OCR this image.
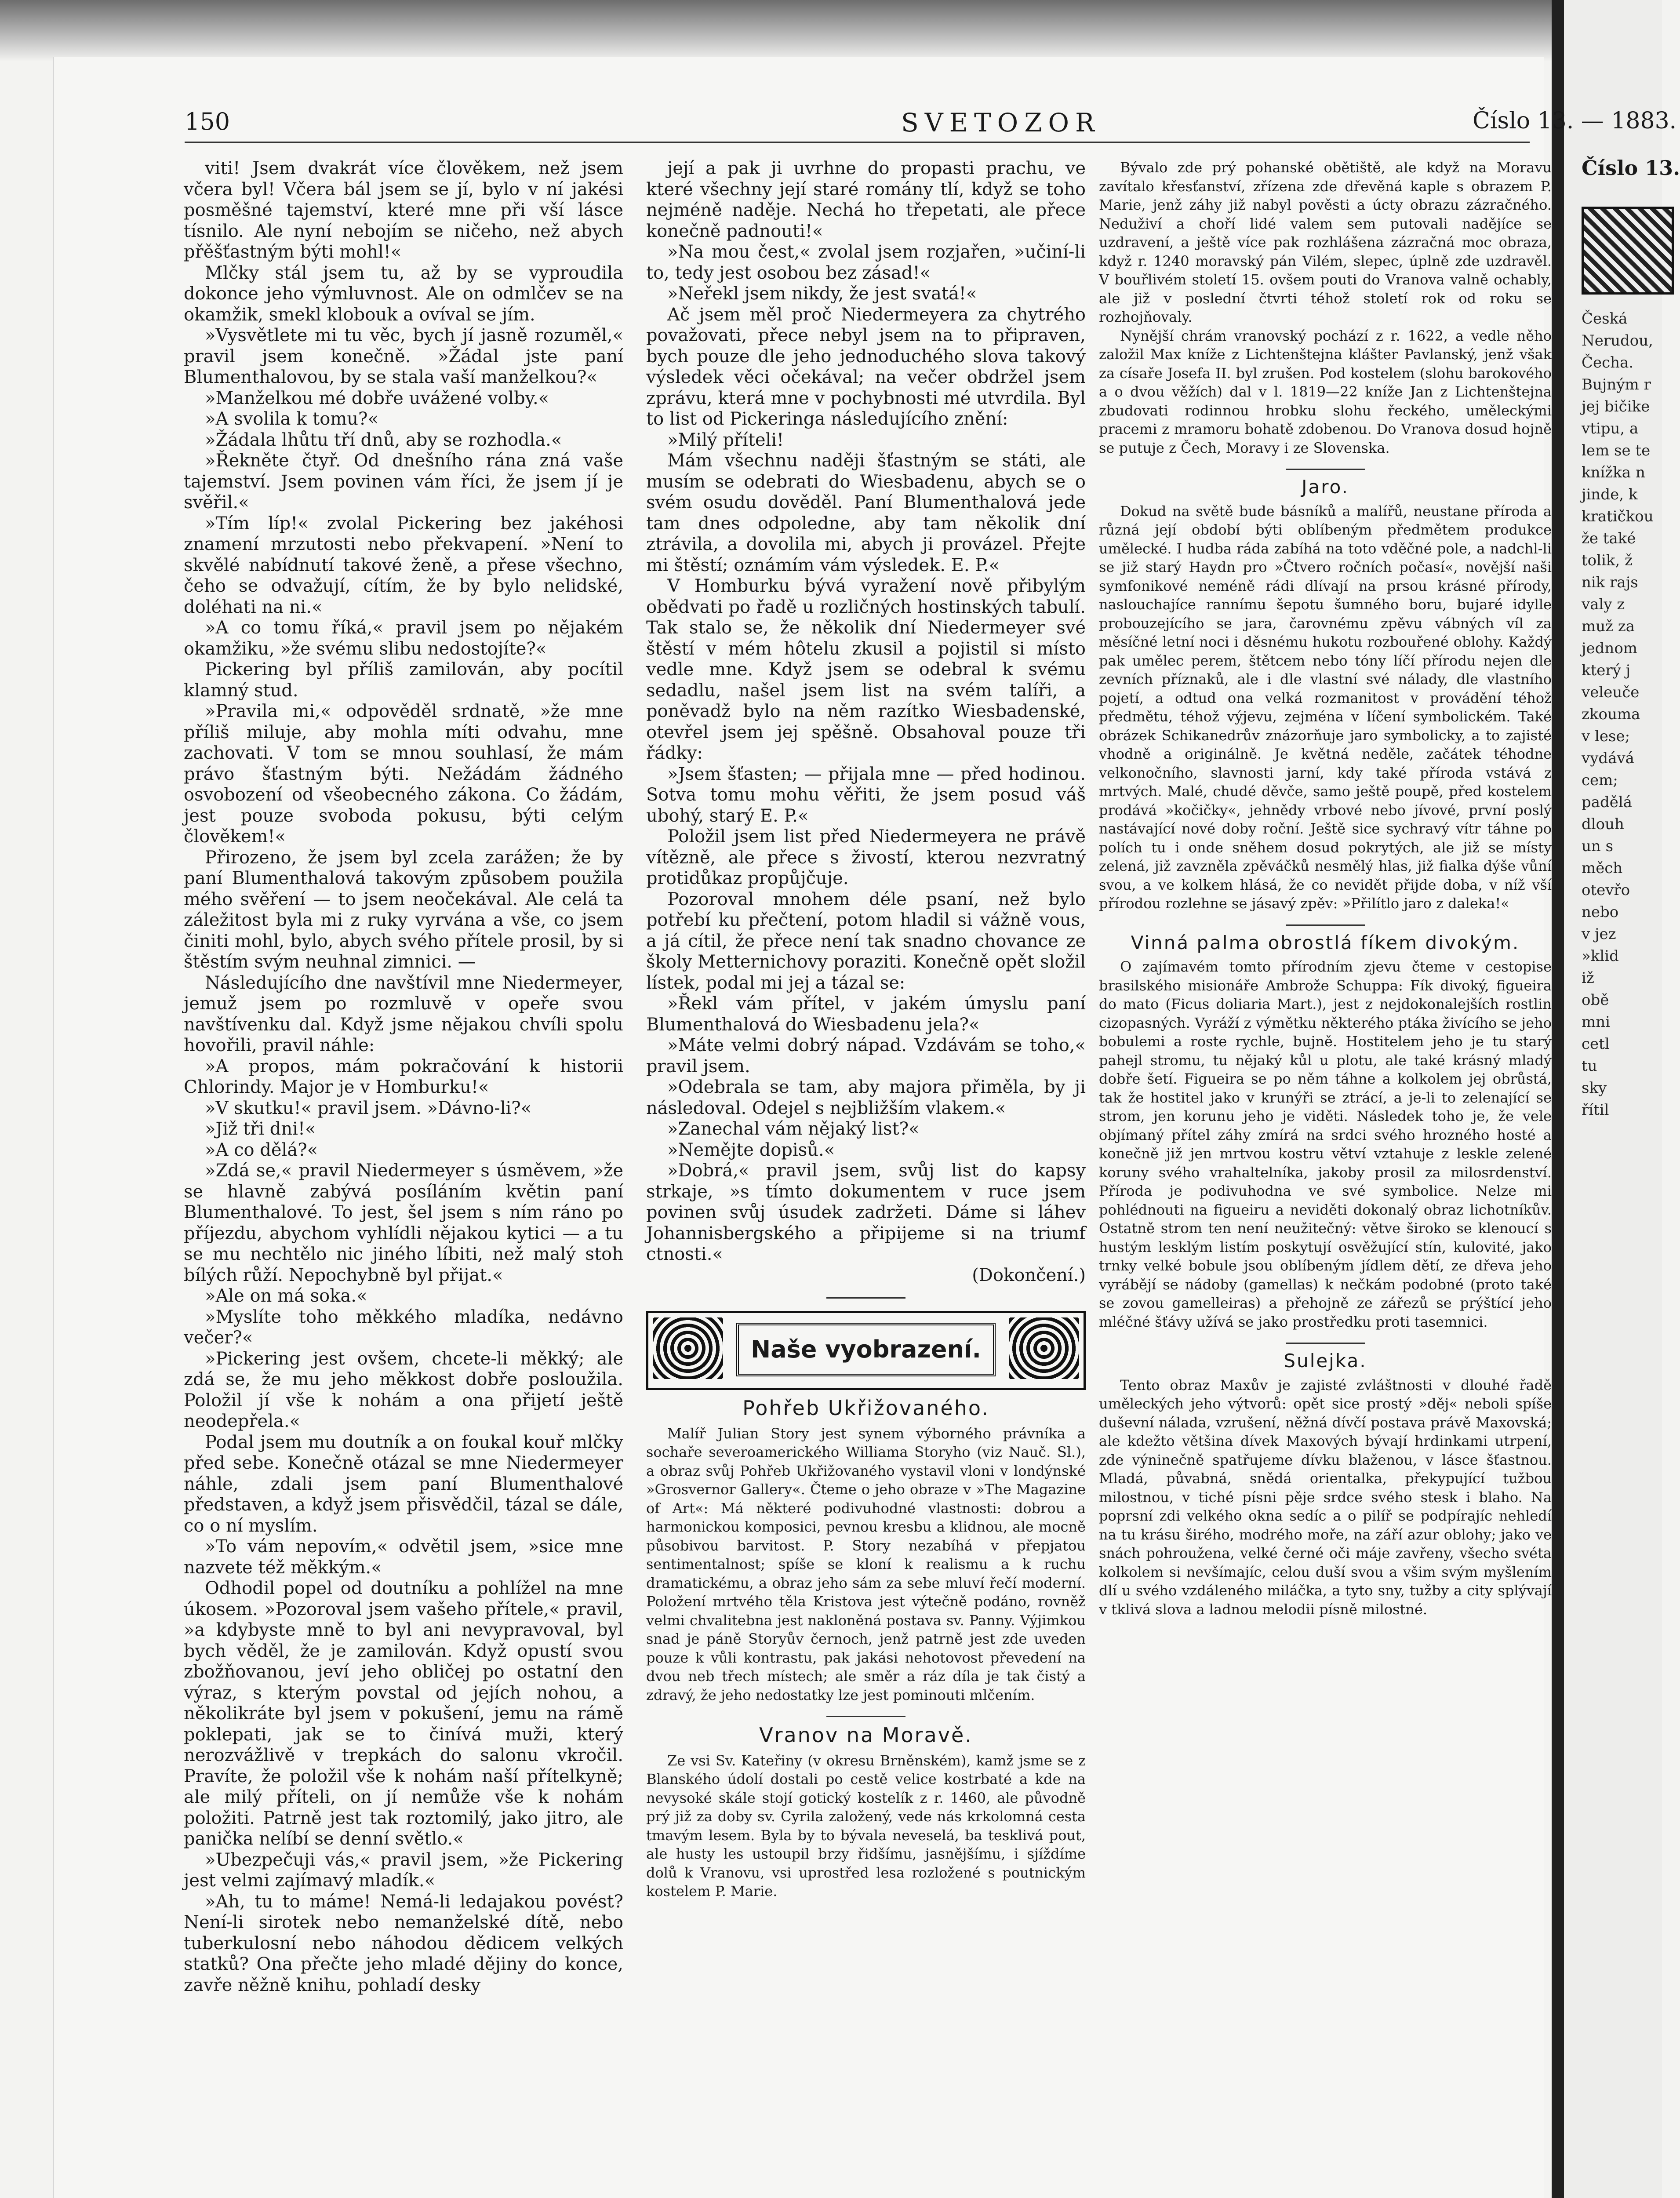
Číslo 13.
Česká
Nerudou,
Čecha.
Bujným r
jej bičike
vtipu, a
lem se te
knížka n
jinde, k
kratičkou
že také
tolik, ž
nik rajs
valy z
muž za
jednom
který j
veleuče
zkouma
v lese;
vydává
cem;
padělá
dlouh
un s
měch
otevřo
nebo
v jez
»klid
iž
obě
mni
cetl
tu
sky
řítil
150	SVETOZOR	Číslo 13. — 1883.

viti! Jsem dvakrát více člověkem, než jsem včera byl! Včera bál jsem se jí, bylo v ní jakési posměšné tajemství, které mne při vší lásce tísnilo. Ale nyní nebojím se ničeho, než abych přěšťastným býti mohl!«

Mlčky stál jsem tu, až by se vyproudila dokonce jeho výmluvnost. Ale on odmlčev se na okamžik, smekl klobouk a ovíval se jím.

»Vysvětlete mi tu věc, bych jí jasně rozuměl,« pravil jsem konečně. »Žádal jste paní Blumenthalovou, by se stala vaší manželkou?«

»Manželkou mé dobře uvážené volby.«

»A svolila k tomu?«

»Žádala lhůtu tří dnů, aby se rozhodla.«

»Řekněte čtyř. Od dnešního rána zná vaše tajemství. Jsem povinen vám říci, že jsem jí je svěřil.«

»Tím líp!« zvolal Pickering bez jakéhosi znamení mrzutosti nebo překvapení. »Není to skvělé nabídnutí takové ženě, a přese všechno, čeho se odvažují, cítím, že by bylo nelidské, doléhati na ni.«

»A co tomu říká,« pravil jsem po nějakém okamžiku, »že svému slibu nedostojíte?«

Pickering byl příliš zamilován, aby pocítil klamný stud.

»Pravila mi,« odpověděl srdnatě, »že mne příliš miluje, aby mohla míti odvahu, mne zachovati. V tom se mnou souhlasí, že mám právo šťastným býti. Nežádám žádného osvobození od všeobecného zákona. Co žádám, jest pouze svoboda pokusu, býti celým člověkem!«

Přirozeno, že jsem byl zcela zarážen; že by paní Blumenthalová takovým způsobem použila mého svěření — to jsem neočekával. Ale celá ta záležitost byla mi z ruky vyrvána a vše, co jsem činiti mohl, bylo, abych svého přítele prosil, by si štěstím svým neuhnal zimnici. —

Následujícího dne navštívil mne Niedermeyer, jemuž jsem po rozmluvě v opeře svou navštívenku dal. Když jsme nějakou chvíli spolu hovořili, pravil náhle:

»A propos, mám pokračování k historii Chlorindy. Major je v Homburku!«

»V skutku!« pravil jsem. »Dávno-li?«

»Již tři dni!«

»A co dělá?«

»Zdá se,« pravil Niedermeyer s úsměvem, »že se hlavně zabývá posíláním květin paní Blumenthalové. To jest, šel jsem s ním ráno po příjezdu, abychom vyhlídli nějakou kytici — a tu se mu nechtělo nic jiného líbiti, než malý stoh bílých růží. Nepochybně byl přijat.«

»Ale on má soka.«

»Myslíte toho měkkého mladíka, nedávno večer?«

»Pickering jest ovšem, chcete-li měkký; ale zdá se, že mu jeho měkkost dobře posloužila. Položil jí vše k nohám a ona přijetí ještě neodepřela.«

Podal jsem mu doutník a on foukal kouř mlčky před sebe. Konečně otázal se mne Niedermeyer náhle, zdali jsem paní Blumenthalové představen, a když jsem přisvědčil, tázal se dále, co o ní myslím.

»To vám nepovím,« odvětil jsem, »sice mne nazvete též měkkým.«

Odhodil popel od doutníku a pohlížel na mne úkosem. »Pozoroval jsem vašeho přítele,« pravil, »a kdybyste mně to byl ani nevypravoval, byl bych věděl, že je zamilován. Když opustí svou zbožňovanou, jeví jeho obličej po ostatní den výraz, s kterým povstal od jejích nohou, a několikráte byl jsem v pokušení, jemu na rámě poklepati, jak se to činívá muži, který nerozvážlivě v trepkách do salonu vkročil. Pravíte, že položil vše k nohám naší přítelkyně; ale milý příteli, on jí nemůže vše k nohám položiti. Patrně jest tak roztomilý, jako jitro, ale panička nelíbí se denní světlo.«

»Ubezpečuji vás,« pravil jsem, »že Pickering jest velmi zajímavý mladík.«

»Ah, tu to máme! Nemá-li ledajakou povést? Není-li sirotek nebo nemanželské dítě, nebo tuberkulosní nebo náhodou dědicem velkých statků? Ona přečte jeho mladé dějiny do konce, zavře něžně knihu, pohladí desky

její a pak ji uvrhne do propasti prachu, ve které všechny její staré romány tlí, když se toho nejméně naděje. Nechá ho třepetati, ale přece konečně padnouti!«

»Na mou čest,« zvolal jsem rozjařen, »učiní-li to, tedy jest osobou bez zásad!«

»Neřekl jsem nikdy, že jest svatá!«

Ač jsem měl proč Niedermeyera za chytrého považovati, přece nebyl jsem na to připraven, bych pouze dle jeho jednoduchého slova takový výsledek věci očekával; na večer obdržel jsem zprávu, která mne v pochybnosti mé utvrdila. Byl to list od Pickeringa následujícího znění:

»Milý příteli!

Mám všechnu naději šťastným se státi, ale musím se odebrati do Wiesbadenu, abych se o svém osudu dověděl. Paní Blumenthalová jede tam dnes odpoledne, aby tam několik dní ztrávila, a dovolila mi, abych ji provázel. Přejte mi štěstí; oznámím vám výsledek. E. P.«

V Homburku bývá vyražení nově přibylým obědvati po řadě u rozličných hostinských tabulí. Tak stalo se, že několik dní Niedermeyer své štěstí v mém hôtelu zkusil a pojistil si místo vedle mne. Když jsem se odebral k svému sedadlu, našel jsem list na svém talíři, a poněvadž bylo na něm razítko Wiesbadenské, otevřel jsem jej spěšně. Obsahoval pouze tři řádky:

»Jsem šťasten; — přijala mne — před hodinou. Sotva tomu mohu věřiti, že jsem posud váš ubohý, starý E. P.«

Položil jsem list před Niedermeyera ne právě vítězně, ale přece s živostí, kterou nezvratný protidůkaz propůjčuje.

Pozoroval mnohem déle psaní, než bylo potřebí ku přečtení, potom hladil si vážně vous, a já cítil, že přece není tak snadno chovance ze školy Metternichovy poraziti. Konečně opět složil lístek, podal mi jej a tázal se:

»Řekl vám přítel, v jakém úmyslu paní Blumenthalová do Wiesbadenu jela?«

»Máte velmi dobrý nápad. Vzdávám se toho,« pravil jsem.

»Odebrala se tam, aby majora přiměla, by ji následoval. Odejel s nejbližším vlakem.«

»Zanechal vám nějaký list?«

»Nemějte dopisů.«

»Dobrá,« pravil jsem, svůj list do kapsy strkaje, »s tímto dokumentem v ruce jsem povinen svůj úsudek zadržeti. Dáme si láhev Johannisbergského a připijeme si na triumf ctnosti.«

(Dokončení.)

Naše vyobrazení.
Pohřeb Ukřižovaného.

Malíř Julian Story jest synem výborného právníka a sochaře severoamerického Williama Storyho (viz Nauč. Sl.), a obraz svůj Pohřeb Ukřižovaného vystavil vloni v londýnské »Grosvernor Gallery«. Čteme o jeho obraze v »The Magazine of Art«: Má některé podivuhodné vlastnosti: dobrou a harmonickou komposici, pevnou kresbu a klidnou, ale mocně působivou barvitost. P. Story nezabíhá v přepjatou sentimentalnost; spíše se kloní k realismu a k ruchu dramatickému, a obraz jeho sám za sebe mluví řečí moderní. Položení mrtvého těla Kristova jest výtečně podáno, rovněž velmi chvalitebna jest nakloněná postava sv. Panny. Výjimkou snad je páně Storyův černoch, jenž patrně jest zde uveden pouze k vůli kontrastu, pak jakási nehotovost převedení na dvou neb třech místech; ale směr a ráz díla je tak čistý a zdravý, že jeho nedostatky lze jest pominouti mlčením.

Vranov na Moravě.

Ze vsi Sv. Kateřiny (v okresu Brněnském), kamž jsme se z Blanského údolí dostali po cestě velice kostrbaté a kde na nevysoké skále stojí gotický kostelík z r. 1460, ale původně prý již za doby sv. Cyrila založený, vede nás krkolomná cesta tmavým lesem. Byla by to bývala neveselá, ba tesklivá pout, ale husty les ustoupil brzy řidšímu, jasnějšímu, i sjíždíme dolů k Vranovu, vsi uprostřed lesa rozložené s poutnickým kostelem P. Marie.

Bývalo zde prý pohanské obětiště, ale když na Moravu zavítalo křesťanství, zřízena zde dřevěná kaple s obrazem P. Marie, jenž záhy již nabyl pověsti a úcty obrazu zázračného. Neduživí a choří lidé valem sem putovali nadějíce se uzdravení, a ještě více pak rozhlášena zázračná moc obraza, když r. 1240 moravský pán Vilém, slepec, úplně zde uzdravěl. V bouřlivém století 15. ovšem pouti do Vranova valně ochably, ale již v poslední čtvrti téhož století rok od roku se rozhojňovaly.

Nynější chrám vranovský pochází z r. 1622, a vedle něho založil Max kníže z Lichtenštejna klášter Pavlanský, jenž však za císaře Josefa II. byl zrušen. Pod kostelem (slohu barokového a o dvou věžích) dal v l. 1819—22 kníže Jan z Lichtenštejna zbudovati rodinnou hrobku slohu řeckého, uměleckými pracemi z mramoru bohatě zdobenou. Do Vranova dosud hojně se putuje z Čech, Moravy i ze Slovenska.

Jaro.

Dokud na světě bude básníků a malířů, neustane příroda a různá její období býti oblíbeným předmětem produkce umělecké. I hudba ráda zabíhá na toto vděčné pole, a nadchl-li se již starý Haydn pro »Čtvero ročních počasí«, novější naši symfonikové neméně rádi dlívají na prsou krásné přírody, naslouchajíce rannímu šepotu šumného boru, bujaré idylle probouzejícího se jara, čarovnému zpěvu vábných víl za měsíčné letní noci i děsnému hukotu rozbouřené oblohy. Každý pak umělec perem, štětcem nebo tóny líčí přírodu nejen dle zevních příznaků, ale i dle vlastní své nálady, dle vlastního pojetí, a odtud ona velká rozmanitost v provádění téhož předmětu, téhož výjevu, zejména v líčení symbolickém. Také obrázek Schikanedrův znázorňuje jaro symbolicky, a to zajisté vhodně a originálně. Je květná neděle, začátek téhodne velkonočního, slavnosti jarní, kdy také příroda vstává z mrtvých. Malé, chudé děvče, samo ještě poupě, před kostelem prodává »kočičky«, jehnědy vrbové nebo jívové, první poslý nastávající nové doby roční. Ještě sice sychravý vítr táhne po polích tu i onde sněhem dosud pokrytých, ale již se místy zelená, již zavzněla zpěváčků nesmělý hlas, již fialka dýše vůní svou, a ve kolkem hlásá, že co nevidět přijde doba, v níž vší přírodou rozlehne se jásavý zpěv: »Přilítlo jaro z daleka!«

Vinná palma obrostlá fíkem divokým.

O zajímavém tomto přírodním zjevu čteme v cestopise brasilského misionáře Ambrože Schuppa: Fík divoký, figueira do mato (Ficus doliaria Mart.), jest z nejdokonalejších rostlin cizopasných. Vyráží z výmětku některého ptáka živícího se jeho bobulemi a roste rychle, bujně. Hostitelem jeho je tu starý pahejl stromu, tu nějaký kůl u plotu, ale také krásný mladý dobře šetí. Figueira se po něm táhne a kolkolem jej obrůstá, tak že hostitel jako v krunýři se ztrácí, a je-li to zelenající se strom, jen korunu jeho je viděti. Následek toho je, že vele objímaný přítel záhy zmírá na srdci svého hrozného hosté a konečně již jen mrtvou kostru větví vztahuje z leskle zelené koruny svého vrahaltelníka, jakoby prosil za milosrdenství. Příroda je podivuhodna ve své symbolice. Nelze mi pohlédnouti na figueiru a neviděti dokonalý obraz lichotníkův. Ostatně strom ten není neužitečný: větve široko se klenoucí s hustým lesklým listím poskytují osvěžující stín, kulovité, jako trnky velké bobule jsou oblíbeným jídlem dětí, ze dřeva jeho vyrábějí se nádoby (gamellas) k nečkám podobné (proto také se zovou gamelleiras) a přehojně ze zářezů se prýštící jeho mléčné šťávy užívá se jako prostředku proti tasemnici.

Sulejka.

Tento obraz Maxův je zajisté zvláštnosti v dlouhé řadě uměleckých jeho výtvorů: opět sice prostý »děj« neboli spíše duševní nálada, vzrušení, něžná dívčí postava právě Maxovská; ale kdežto většina dívek Maxových bývají hrdinkami utrpení, zde výninečně spatřujeme dívku blaženou, v lásce šťastnou. Mladá, půvabná, snědá orientalka, překypující tužbou milostnou, v tiché písni pěje srdce svého stesk i blaho. Na poprsní zdi velkého okna sedíc a o pilíř se podpírajíc nehledí na tu krásu širého, modrého moře, na září azur oblohy; jako ve snách pohroužena, velké černé oči máje zavřeny, všecho svéta kolkolem si nevšímajíc, celou duší svou a všim svým myšlením dlí u svého vzdáleného miláčka, a tyto sny, tužby a city splývají v tklivá slova a ladnou melodii písně milostné.
